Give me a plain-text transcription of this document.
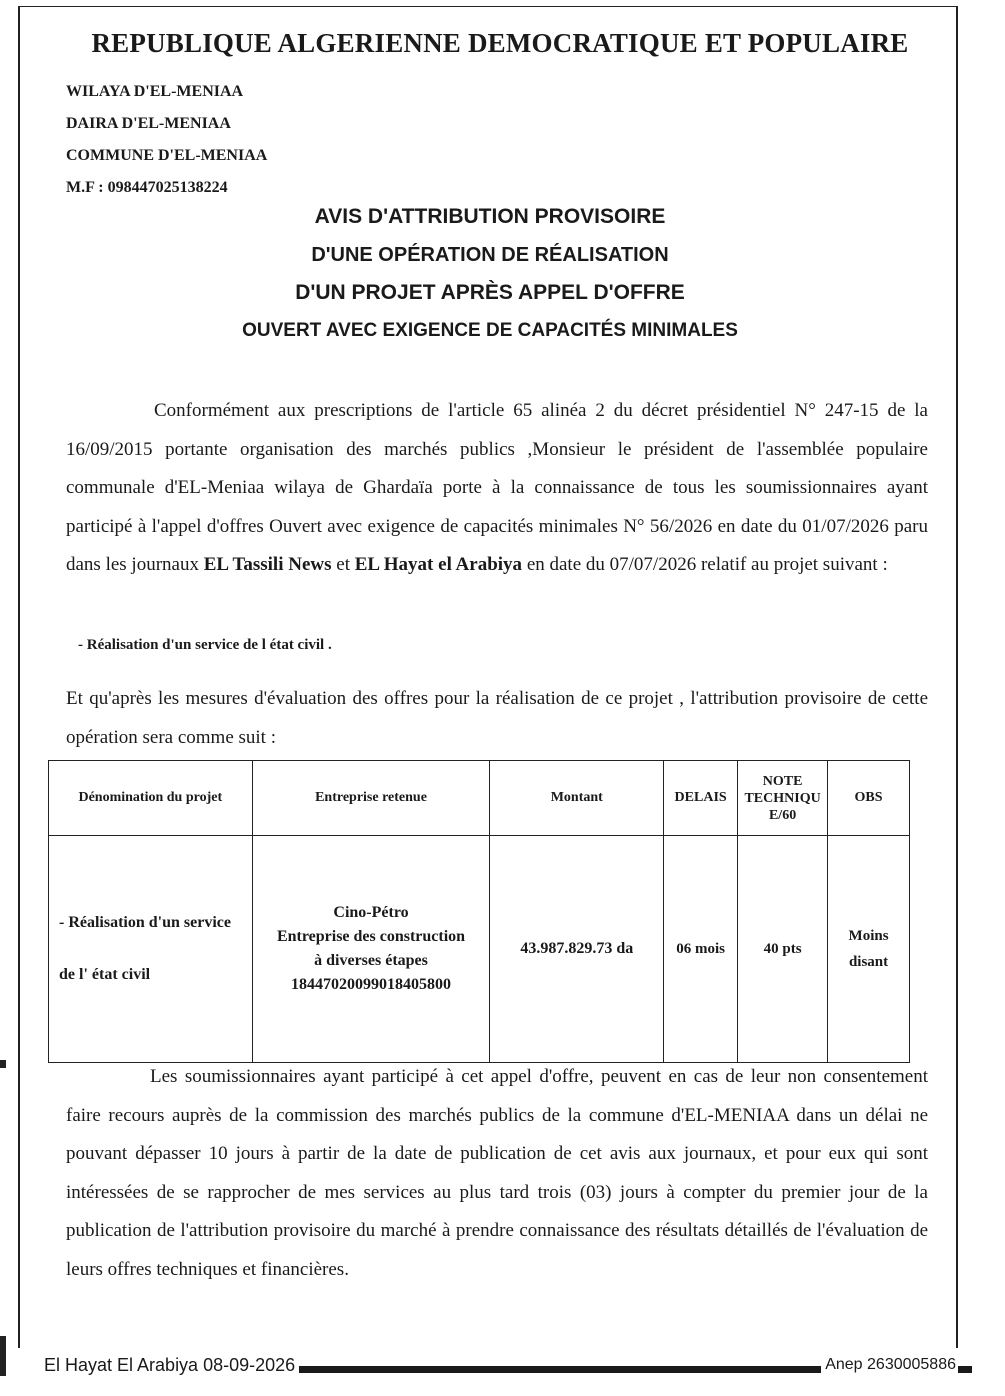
REPUBLIQUE ALGERIENNE DEMOCRATIQUE ET POPULAIRE
WILAYA D'EL-MENIAA
DAIRA D'EL-MENIAA
COMMUNE D'EL-MENIAA
M.F : 098447025138224
AVIS D'ATTRIBUTION PROVISOIRE
D'UNE OPÉRATION DE RÉALISATION
D'UN PROJET APRÈS APPEL D'OFFRE
OUVERT AVEC EXIGENCE DE CAPACITÉS MINIMALES
Conformément aux prescriptions de l'article 65 alinéa 2 du décret présidentiel N° 247-15 de la 16/09/2015 portante organisation des marchés publics ,Monsieur le président de l'assemblée populaire communale d'EL-Meniaa wilaya de Ghardaïa porte à la connaissance de tous les soumissionnaires ayant participé à l'appel d'offres Ouvert avec exigence de capacités minimales N° 56/2026 en date du 01/07/2026 paru dans les journaux EL Tassili News et EL Hayat el Arabiya en date du 07/07/2026 relatif au projet suivant :
- Réalisation d'un service de l état civil .
Et qu'après les mesures d'évaluation des offres pour la réalisation de ce projet , l'attribution provisoire de cette opération sera comme suit :
Dénomination du projet	Entreprise retenue	Montant	DELAIS	NOTE
TECHNIQU
E/60	OBS
- Réalisation d'un service de l' état civil	Cino-Pétro
Entreprise des construction
à diverses étapes
1844702009901840580​0	43.987.829.73 da	06 mois	40 pts	Moins disant
Les soumissionnaires ayant participé à cet appel d'offre, peuvent en cas de leur non consentement faire recours auprès de la commission des marchés publics de la commune d'EL-MENIAA dans un délai ne pouvant dépasser 10 jours à partir de la date de publication de cet avis aux journaux, et pour eux qui sont intéressées de se rapprocher de mes services au plus tard trois (03) jours à compter du premier jour de la publication de l'attribution provisoire du marché à prendre connaissance des résultats détaillés de l'évaluation de leurs offres techniques et financières.
El Hayat El Arabiya 08-09-2026	Anep 2630005886
